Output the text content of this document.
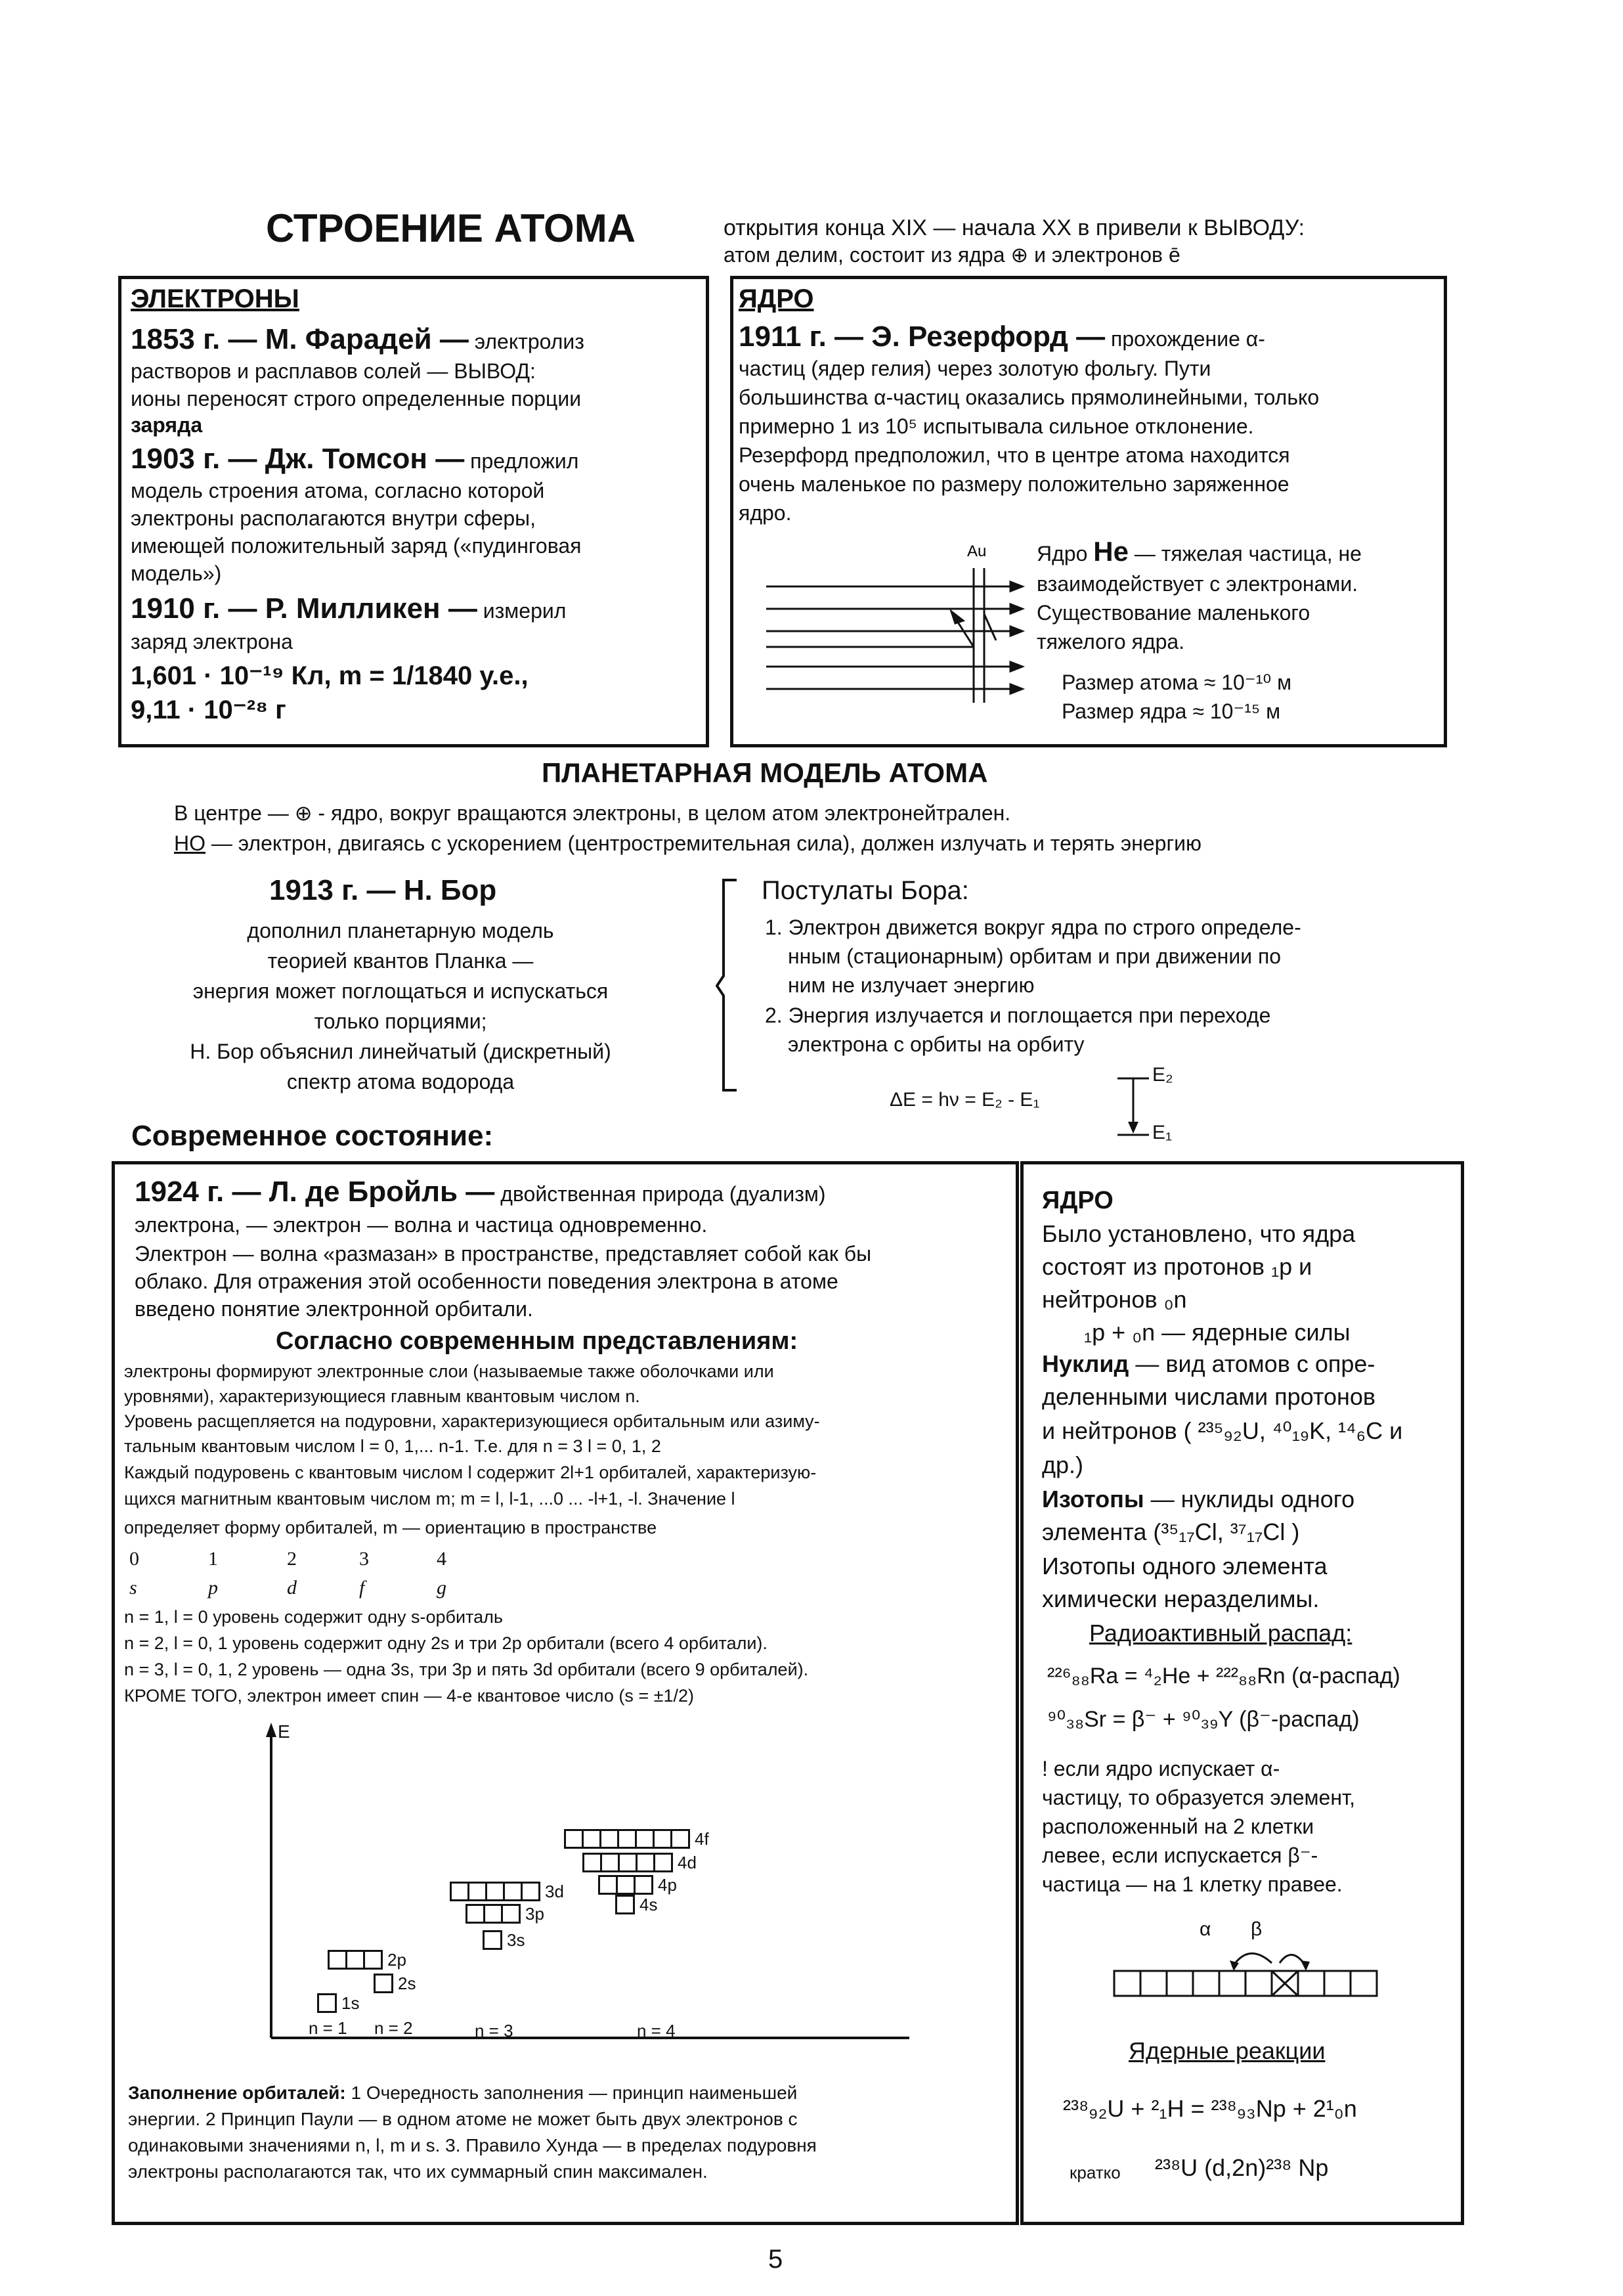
СТРОЕНИЕ АТОМА	открытия конца XIX — начала XX в привели к ВЫВОДУ:
атом делим, состоит из ядра ⊕ и электронов ē
ЭЛЕКТРОНЫ
1853 г. — М. Фарадей — электролиз
растворов и расплавов солей — ВЫВОД:
ионы переносят строго определенные порции
заряда
1903 г. — Дж. Томсон — предложил
модель строения атома, согласно которой
электроны располагаются внутри сферы,
имеющей положительный заряд («пудинговая
модель»)
1910 г. — Р. Милликен — измерил
заряд электрона
1,601 · 10⁻¹⁹ Кл, m = 1/1840 у.е.,
9,11 · 10⁻²⁸ г
ЯДРО
1911 г. — Э. Резерфорд — прохождение α-
частиц (ядер гелия) через золотую фольгу. Пути
большинства α-частиц оказались прямолинейными, только
примерно 1 из 10⁵ испытывала сильное отклонение.
Резерфорд предположил, что в центре атома находится
очень маленькое по размеру положительно заряженное
ядро.
Au Ядро He — тяжелая частица, не
взаимодействует с электронами.
Существование маленького
тяжелого ядра.
Размер атома ≈ 10⁻¹⁰ м
Размер ядра ≈ 10⁻¹⁵ м
ПЛАНЕТАРНАЯ МОДЕЛЬ АТОМА
В центре — ⊕ - ядро, вокруг вращаются электроны, в целом атом электронейтрален.
НО — электрон, двигаясь с ускорением (центростремительная сила), должен излучать и терять энергию
1913 г. — Н. Бор
дополнил планетарную модель
теорией квантов Планка —
энергия может поглощаться и испускаться
только порциями;
Н. Бор объяснил линейчатый (дискретный)
спектр атома водорода
Постулаты Бора:
1. Электрон движется вокруг ядра по строго определе-
нным (стационарным) орбитам и при движении по
ним не излучает энергию
2. Энергия излучается и поглощается при переходе
электрона с орбиты на орбиту
ΔE = hν = E₂ - E₁
E₂
E₁
Современное состояние:
1924 г. — Л. де Бройль — двойственная природа (дуализм)
электрона, — электрон — волна и частица одновременно.
Электрон — волна «размазан» в пространстве, представляет собой как бы
облако. Для отражения этой особенности поведения электрона в атоме
введено понятие электронной орбитали.
Согласно современным представлениям:
электроны формируют электронные слои (называемые также оболочками или
уровнями), характеризующиеся главным квантовым числом n.
Уровень расщепляется на подуровни, характеризующиеся орбитальным или азиму-
тальным квантовым числом l = 0, 1,... n-1. Т.е. для n = 3 l = 0, 1, 2
Каждый подуровень с квантовым числом l содержит 2l+1 орбиталей, характеризую-
щихся магнитным квантовым числом m; m = l, l-1, ...0 ... -l+1, -l. Значение l
определяет форму орбиталей, m — ориентацию в пространстве
0	1	2	3	4
s	p	d	f	g
n = 1, l = 0 уровень содержит одну s-орбиталь
n = 2, l = 0, 1 уровень содержит одну 2s и три 2p орбитали (всего 4 орбитали).
n = 3, l = 0, 1, 2 уровень — одна 3s, три 3p и пять 3d орбитали (всего 9 орбиталей).
КРОМЕ ТОГО, электрон имеет спин — 4-е квантовое число (s = ±1/2)
E
1s
2s
2p
3s
3p
3d
4s
4p
4d
4f
n = 1 n = 2	n = 3	n = 4
Заполнение орбиталей: 1 Очередность заполнения — принцип наименьшей
энергии. 2 Принцип Паули — в одном атоме не может быть двух электронов с
одинаковыми значениями n, l, m и s. 3. Правило Хунда — в пределах подуровня
электроны располагаются так, что их суммарный спин максимален.
ЯДРО
Было установлено, что ядра
состоят из протонов ₁p и
нейтронов ₀n
₁p + ₀n — ядерные силы
Нуклид — вид атомов с опре-
деленными числами протонов
и нейтронов ( ²³⁵₉₂U, ⁴⁰₁₉K, ¹⁴₆C и
др.)
Изотопы — нуклиды одного
элемента (³⁵₁₇Cl, ³⁷₁₇Cl )
Изотопы одного элемента
химически неразделимы.
Радиоактивный распад:
²²⁶₈₈Ra = ⁴₂He + ²²²₈₈Rn (α-распад)
⁹⁰₃₈Sr = β⁻ + ⁹⁰₃₉Y (β⁻-распад)
! если ядро испускает α-
частицу, то образуется элемент,
расположенный на 2 клетки
левее, если испускается β⁻-
частица — на 1 клетку правее.
α β
Ядерные реакции
²³⁸₉₂U + ²₁H = ²³⁸₉₃Np + 2¹₀n
кратко ²³⁸U (d,2n)²³⁸ Np
5
